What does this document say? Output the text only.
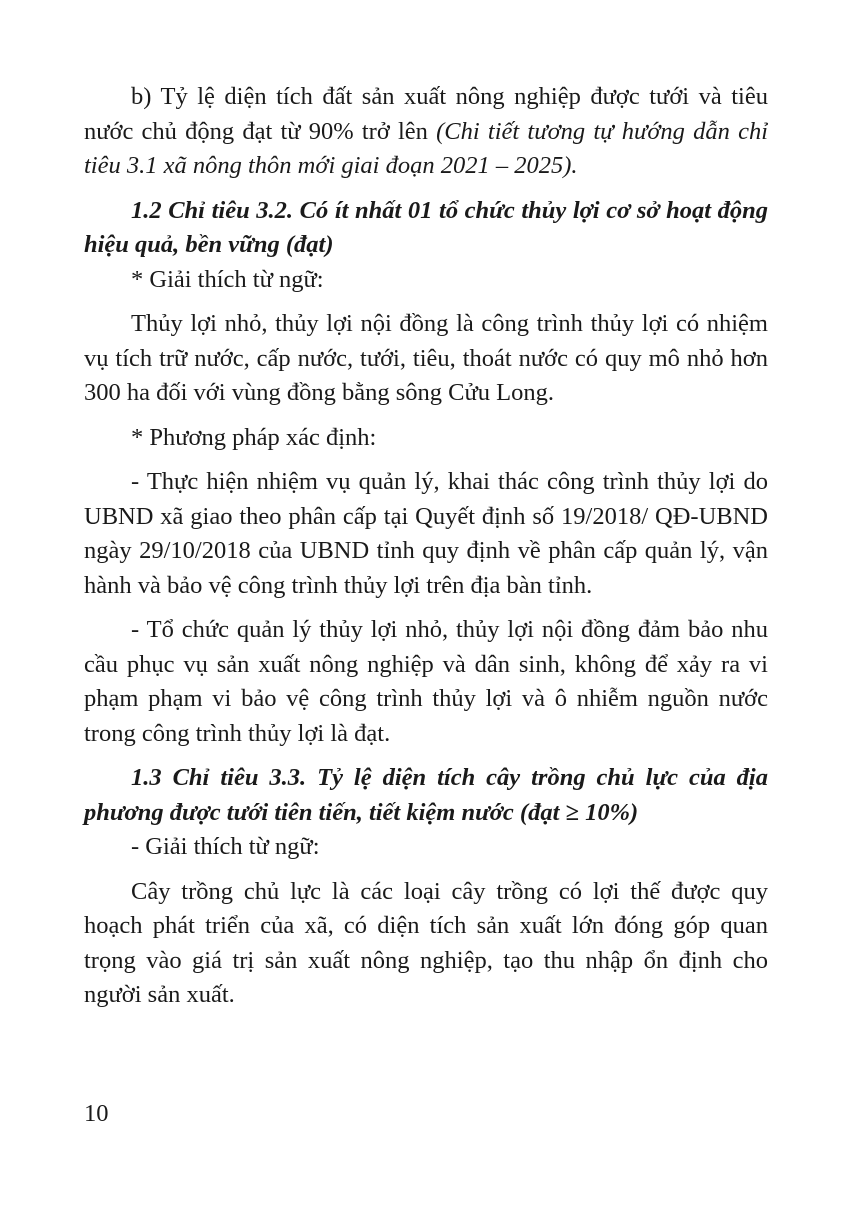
b) Tỷ lệ diện tích đất sản xuất nông nghiệp được tưới và tiêu nước chủ động đạt từ 90% trở lên (Chi tiết tương tự hướng dẫn chỉ tiêu 3.1 xã nông thôn mới giai đoạn 2021 – 2025).

1.2 Chỉ tiêu 3.2. Có ít nhất 01 tổ chức thủy lợi cơ sở hoạt động hiệu quả, bền vững (đạt)

* Giải thích từ ngữ:

Thủy lợi nhỏ, thủy lợi nội đồng là công trình thủy lợi có nhiệm vụ tích trữ nước, cấp nước, tưới, tiêu, thoát nước có quy mô nhỏ hơn 300 ha đối với vùng đồng bằng sông Cửu Long.

* Phương pháp xác định:

- Thực hiện nhiệm vụ quản lý, khai thác công trình thủy lợi do UBND xã giao theo phân cấp tại Quyết định số 19/2018/ QĐ-UBND ngày 29/10/2018 của UBND tỉnh quy định về phân cấp quản lý, vận hành và bảo vệ công trình thủy lợi trên địa bàn tỉnh.

- Tổ chức quản lý thủy lợi nhỏ, thủy lợi nội đồng đảm bảo nhu cầu phục vụ sản xuất nông nghiệp và dân sinh, không để xảy ra vi phạm phạm vi bảo vệ công trình thủy lợi và ô nhiễm nguồn nước trong công trình thủy lợi là đạt.

1.3 Chỉ tiêu 3.3. Tỷ lệ diện tích cây trồng chủ lực của địa phương được tưới tiên tiến, tiết kiệm nước (đạt ≥ 10%)

- Giải thích từ ngữ:

Cây trồng chủ lực là các loại cây trồng có lợi thế được quy hoạch phát triển của xã, có diện tích sản xuất lớn đóng góp quan trọng vào giá trị sản xuất nông nghiệp, tạo thu nhập ổn định cho người sản xuất.

10
